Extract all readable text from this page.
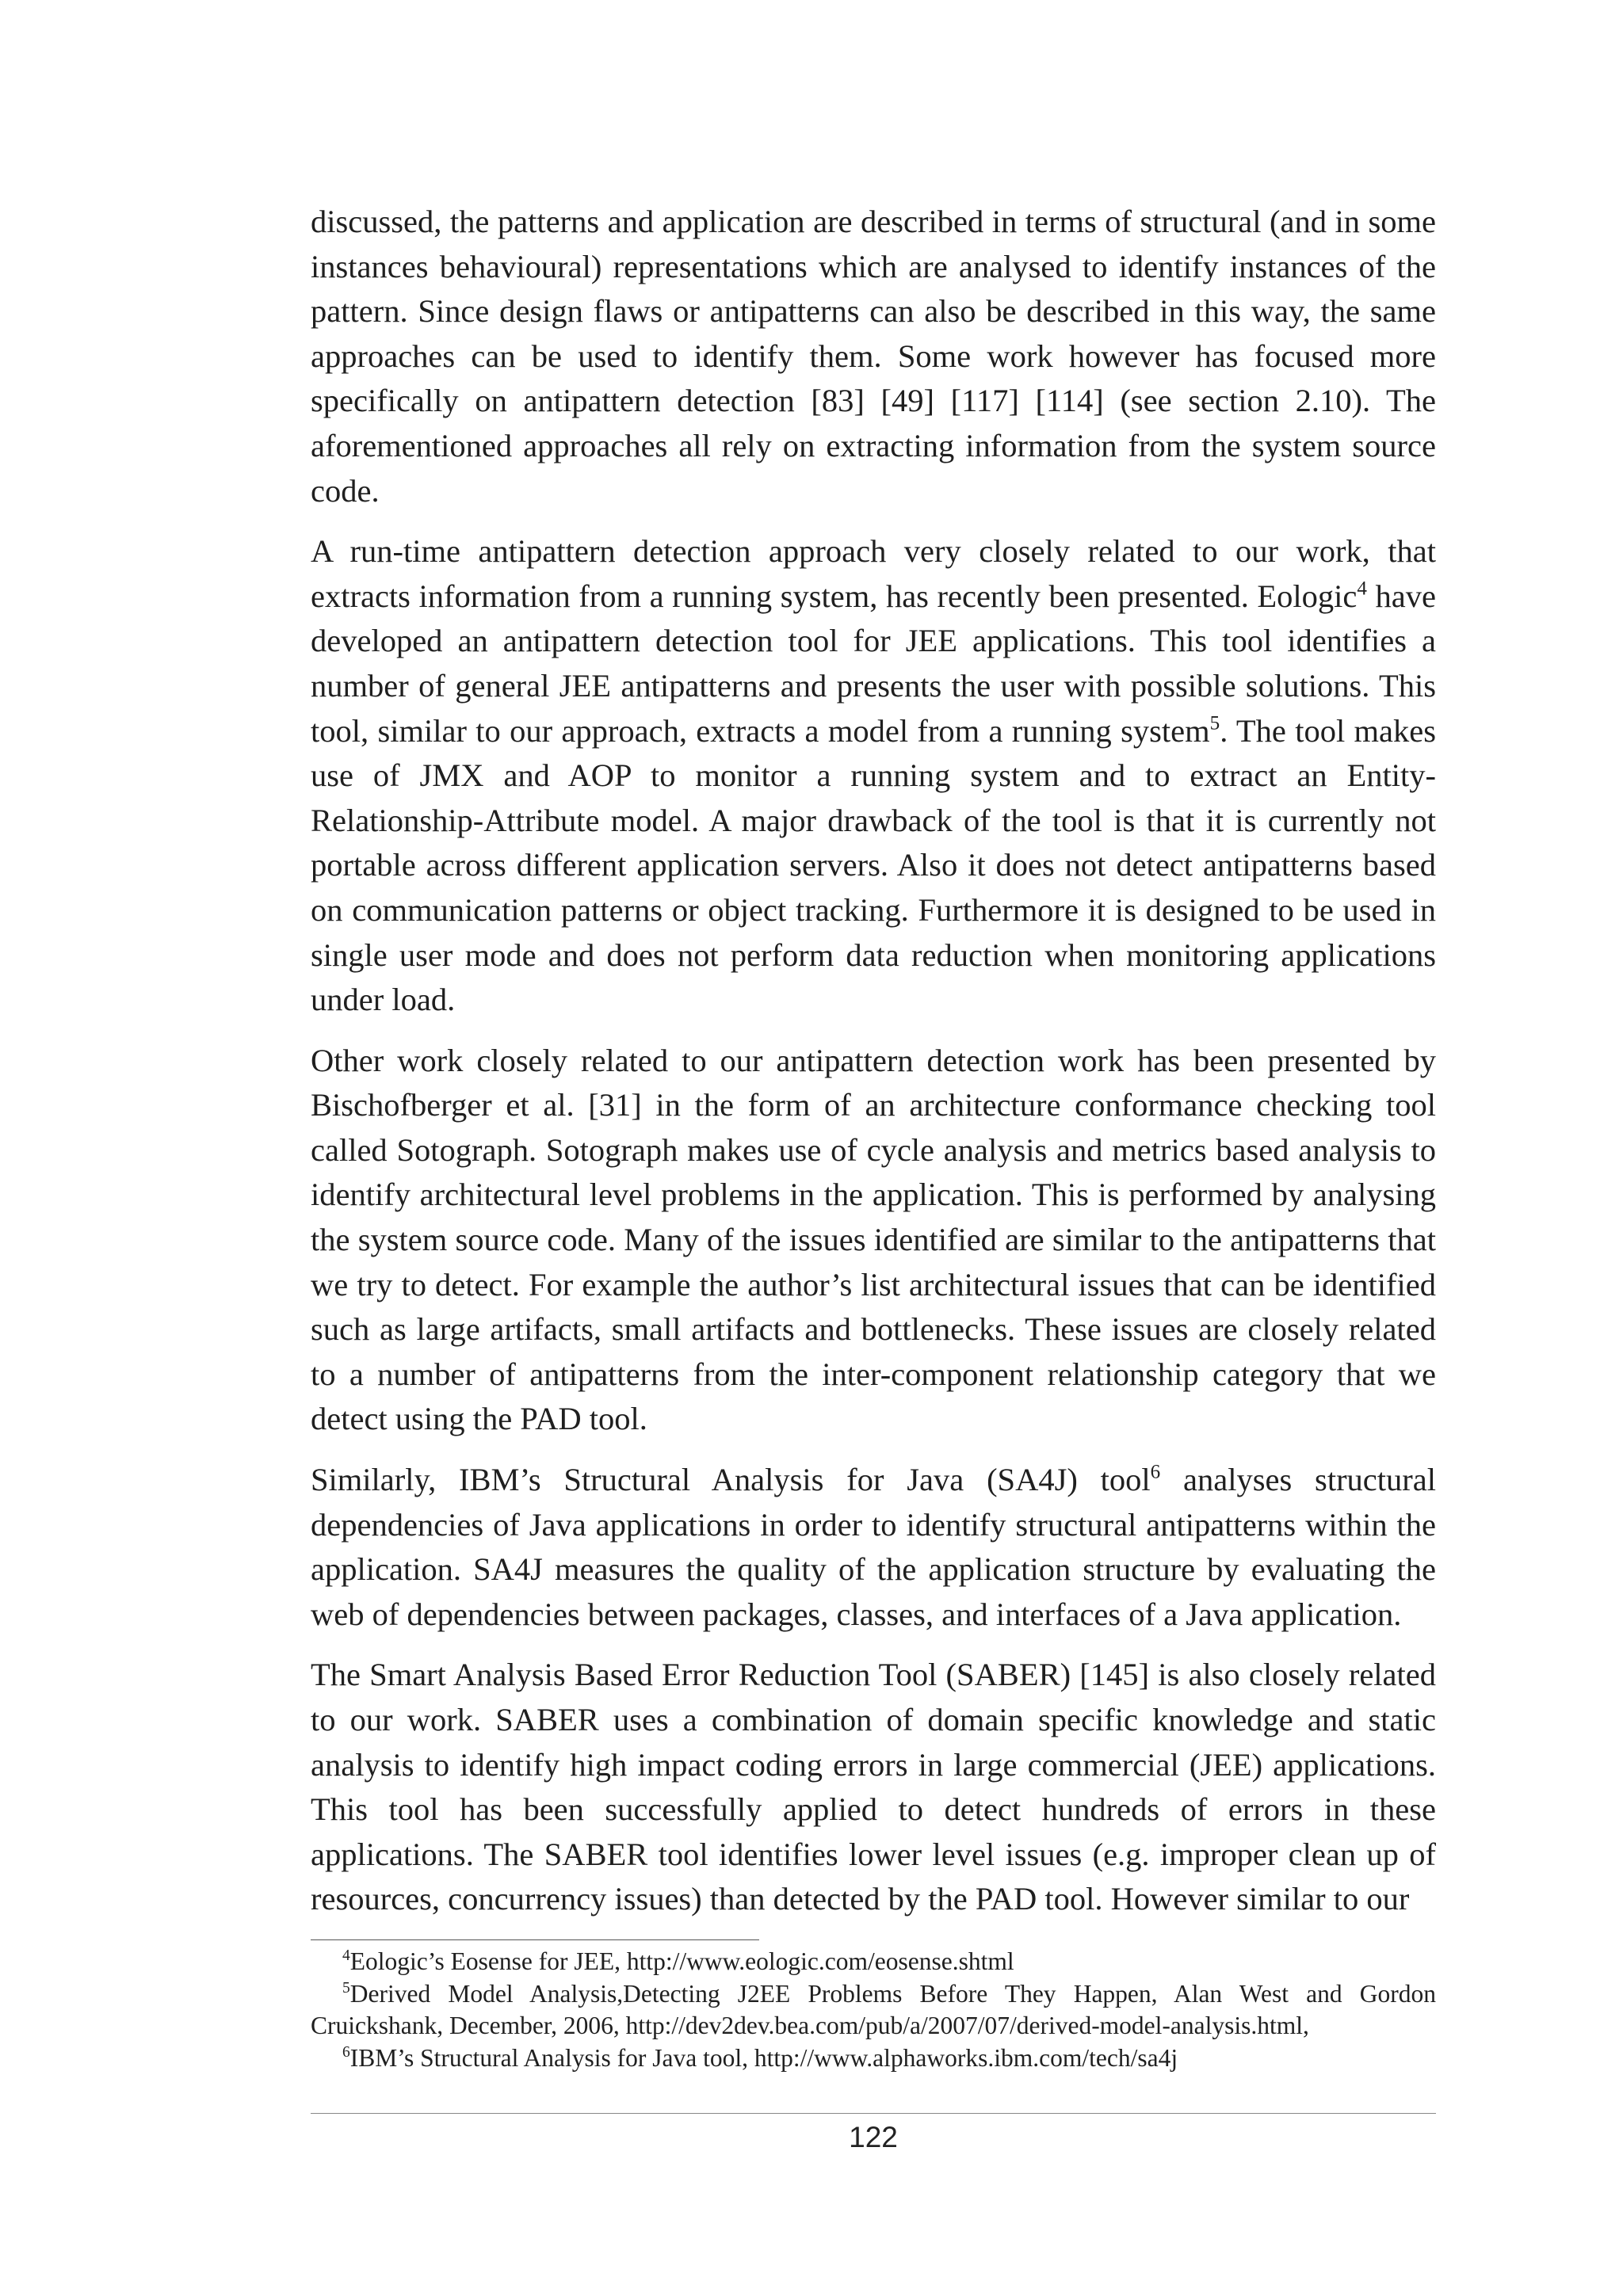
discussed, the patterns and application are described in terms of structural (and in some instances behavioural) representations which are analysed to identify instances of the pattern. Since design flaws or antipatterns can also be described in this way, the same approaches can be used to identify them. Some work however has focused more specifically on antipattern detection [83] [49] [117] [114] (see section 2.10). The aforementioned approaches all rely on extracting information from the system source code.

A run-time antipattern detection approach very closely related to our work, that extracts information from a running system, has recently been presented. Eologic$^4$ have developed an antipattern detection tool for JEE applications. This tool identifies a number of general JEE antipatterns and presents the user with possible solutions. This tool, similar to our approach, extracts a model from a running system$^5$. The tool makes use of JMX and AOP to monitor a running system and to extract an Entity-Relationship-Attribute model. A major drawback of the tool is that it is currently not portable across different application servers. Also it does not detect antipatterns based on communication patterns or object tracking. Furthermore it is designed to be used in single user mode and does not perform data reduction when monitoring applications under load.

Other work closely related to our antipattern detection work has been presented by Bischofberger et al. [31] in the form of an architecture conformance checking tool called Sotograph. Sotograph makes use of cycle analysis and metrics based analysis to identify architectural level problems in the application. This is performed by analysing the system source code. Many of the issues identified are similar to the antipatterns that we try to detect. For example the author’s list architectural issues that can be identified such as large artifacts, small artifacts and bottlenecks. These issues are closely related to a number of antipatterns from the inter-component relationship category that we detect using the PAD tool.

Similarly, IBM’s Structural Analysis for Java (SA4J) tool$^6$ analyses structural dependencies of Java applications in order to identify structural antipatterns within the application. SA4J measures the quality of the application structure by evaluating the web of dependencies between packages, classes, and interfaces of a Java application.

The Smart Analysis Based Error Reduction Tool (SABER) [145] is also closely related to our work. SABER uses a combination of domain specific knowledge and static analysis to identify high impact coding errors in large commercial (JEE) applications. This tool has been successfully applied to detect hundreds of errors in these applications. The SABER tool identifies lower level issues (e.g. improper clean up of resources, concurrency issues) than detected by the PAD tool. However similar to our

$^4$Eologic’s Eosense for JEE, http://www.eologic.com/eosense.shtml

$^5$Derived Model Analysis,Detecting J2EE Problems Before They Happen, Alan West and Gordon Cruickshank, December, 2006, http://dev2dev.bea.com/pub/a/2007/07/derived-model-analysis.html,

$^6$IBM’s Structural Analysis for Java tool, http://www.alphaworks.ibm.com/tech/sa4j

122
